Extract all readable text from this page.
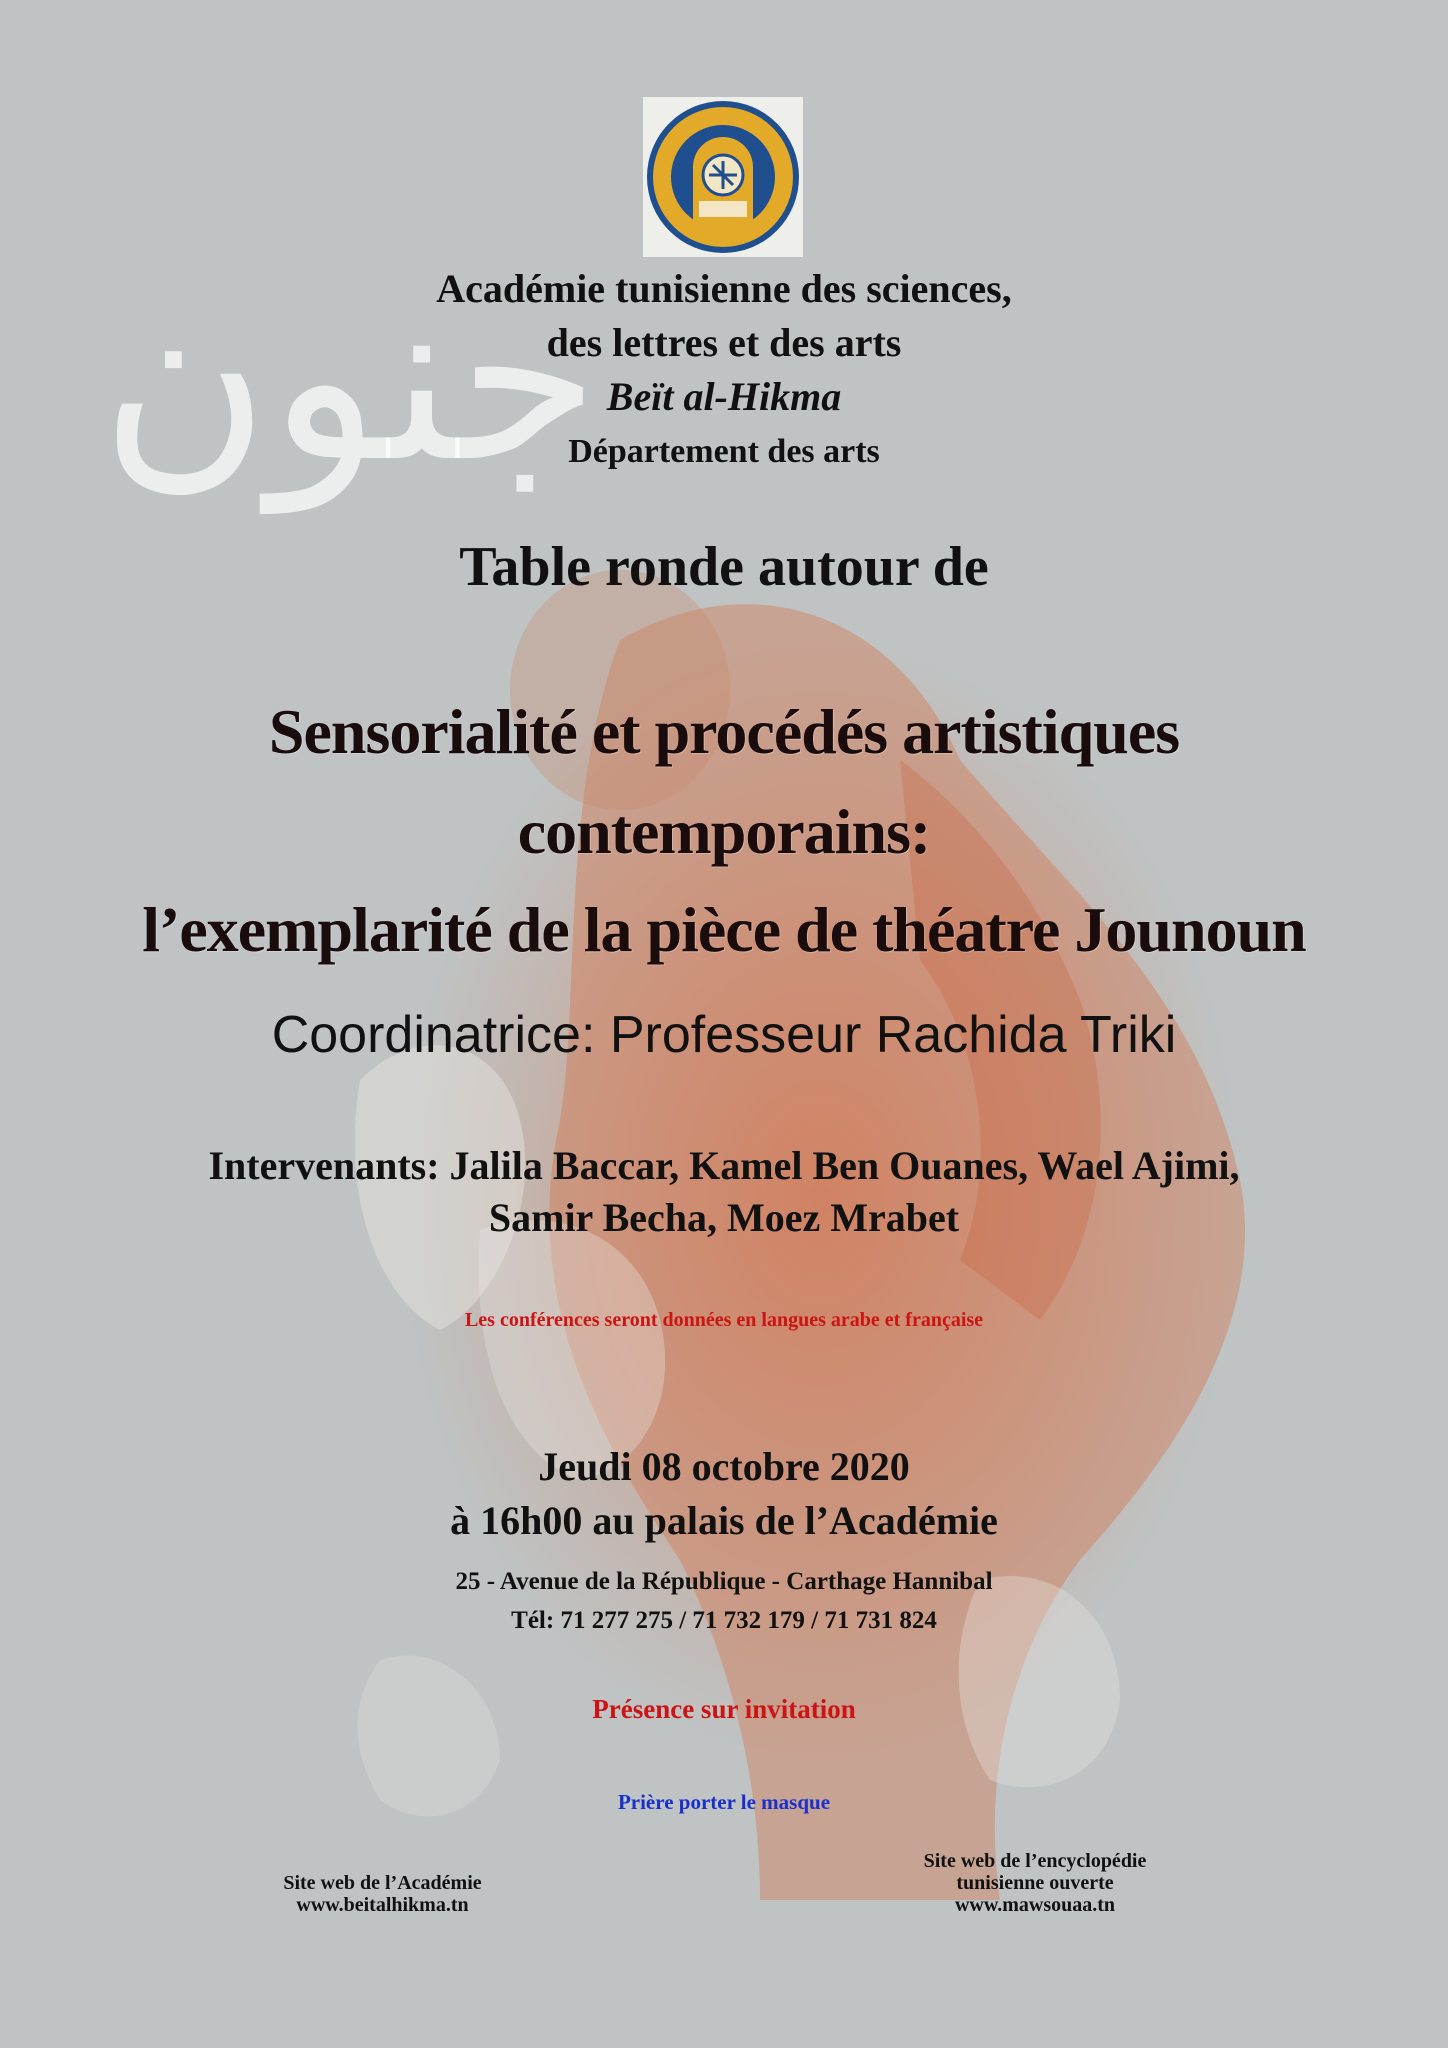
جنون
Académie tunisienne des sciences,
des lettres et des arts
Beït al-Hikma
Département des arts
Table ronde autour de
Sensorialité et procédés artistiques
contemporains:
l’exemplarité de la pièce de théatre Jounoun
Coordinatrice: Professeur Rachida Triki
Intervenants: Jalila Baccar, Kamel Ben Ouanes, Wael Ajimi,
Samir Becha, Moez Mrabet
Les conférences seront données en langues arabe et française
Jeudi 08 octobre 2020
à 16h00 au palais de l’Académie
25 - Avenue de la République - Carthage Hannibal
Tél: 71 277 275 / 71 732 179 / 71 731 824
Présence sur invitation
Prière porter le masque
Site web de l’Académie
www.beitalhikma.tn
Site web de l’encyclopédie
tunisienne ouverte
www.mawsouaa.tn
